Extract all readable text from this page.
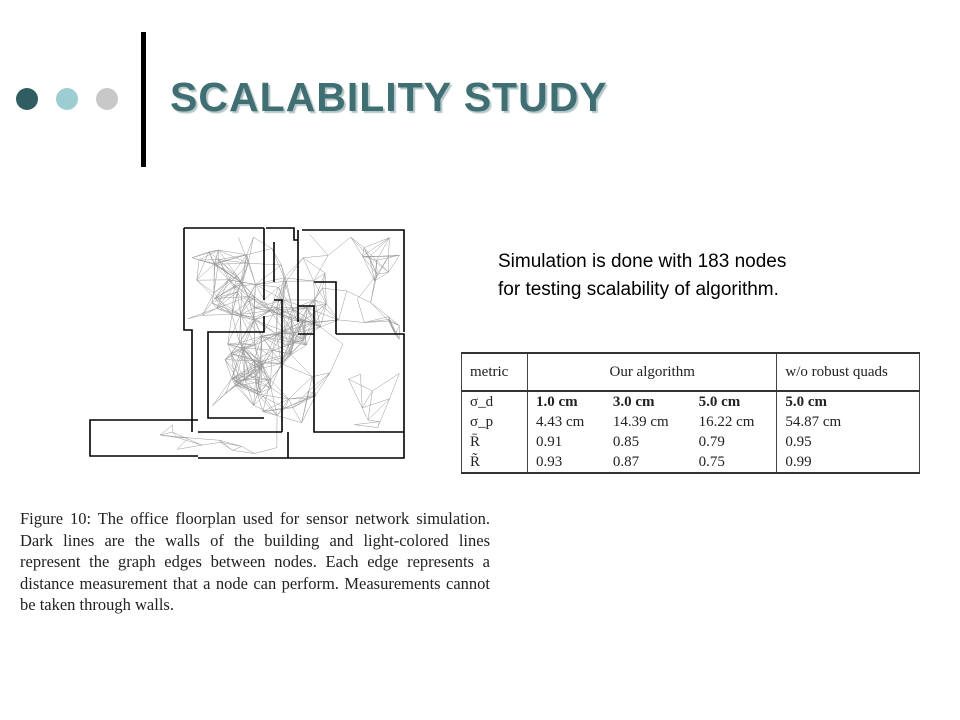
SCALABILITY STUDY
Simulation is done with 183 nodes
for testing scalability of algorithm.
metric	Our algorithm			w/o robust quads
σ_d	1.0 cm	3.0 cm	5.0 cm	5.0 cm
σ_p	4.43 cm	14.39 cm	16.22 cm	54.87 cm
R̄	0.91	0.85	0.79	0.95
R̃	0.93	0.87	0.75	0.99
Figure 10: The office floorplan used for sensor network simulation. Dark lines are the walls of the building and light-colored lines represent the graph edges between nodes. Each edge represents a distance measurement that a node can perform. Measurements cannot be taken through walls.
